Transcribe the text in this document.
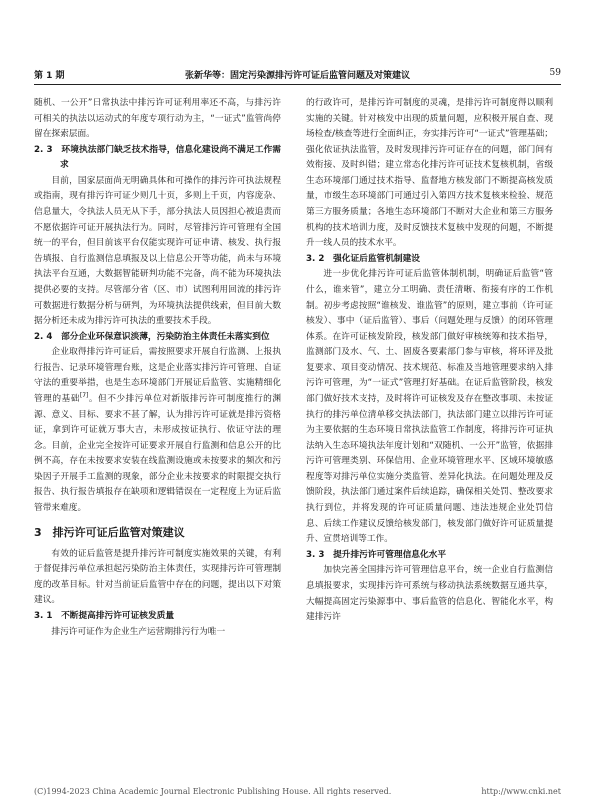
第 1 期	张新华等：固定污染源排污许可证后监管问题及对策建议	59

随机、一公开”日常执法中排污许可证利用率还不高，与排污许可相关的执法以运动式的年度专项行动为主，“一证式”监管尚停留在探索层面。

2. 3　环境执法部门缺乏技术指导，信息化建设尚不满足工作需求

目前，国家层面尚无明确具体和可操作的排污许可执法规程或指南，现有排污许可证少则几十页，多则上千页，内容庞杂、信息量大，令执法人员无从下手，部分执法人员因担心被追责而不愿依据许可证开展执法行为。同时，尽管排污许可管理有全国统一的平台，但目前该平台仅能实现许可证申请、核发、执行报告填报、自行监测信息填报及以上信息公开等功能，尚未与环境执法平台互通，大数据智能研判功能不完备，尚不能为环境执法提供必要的支持。尽管部分省（区、市）试图利用回流的排污许可数据进行数据分析与研判，为环境执法提供线索，但目前大数据分析还未成为排污许可执法的重要技术手段。

2. 4　部分企业环保意识淡薄，污染防治主体责任未落实到位

企业取得排污许可证后，需按照要求开展自行监测、上报执行报告、记录环境管理台账，这是企业落实排污许可管理、自证守法的重要举措，也是生态环境部门开展证后监管、实施精细化管理的基础[7]。但不少排污单位对新版排污许可制度推行的渊源、意义、目标、要求不甚了解，认为排污许可证就是排污资格证，拿到许可证就万事大吉，未形成按证执行、依证守法的理念。目前，企业完全按许可证要求开展自行监测和信息公开的比例不高，存在未按要求安装在线监测设施或未按要求的频次和污染因子开展手工监测的现象，部分企业未按要求的时限提交执行报告、执行报告填报存在缺项和逻辑错误在一定程度上为证后监管带来难度。

3　排污许可证后监管对策建议

有效的证后监管是提升排污许可制度实施效果的关键，有利于督促排污单位承担起污染防治主体责任，实现排污许可管理制度的改革目标。针对当前证后监管中存在的问题，提出以下对策建议。

3. 1　不断提高排污许可证核发质量

排污许可证作为企业生产运营期排污行为唯一

的行政许可，是排污许可制度的灵魂，是排污许可制度得以顺利实施的关键。针对核发中出现的质量问题，应积极开展自查、现场检查/核查等进行全面纠正，夯实排污许可“一证式”管理基础；强化依证执法监管，及时发现排污许可证存在的问题，部门间有效衔接、及时纠错；建立常态化排污许可证技术复核机制，省级生态环境部门通过技术指导、监督地方核发部门不断提高核发质量，市级生态环境部门可通过引入第四方技术复核来检验、规范第三方服务质量；各地生态环境部门不断对大企业和第三方服务机构的技术培训力度，及时反馈技术复核中发现的问题，不断提升一线人员的技术水平。

3. 2　强化证后监管机制建设

进一步优化排污许可证后监管体制机制，明确证后监管“管什么，谁来管”，建立分工明确、责任清晰、衔接有序的工作机制。初步考虑按照“谁核发、谁监管”的原则，建立事前（许可证核发）、事中（证后监管）、事后（问题处理与反馈）的闭环管理体系。在许可证核发阶段，核发部门做好审核统筹和技术指导，监测部门及水、气、土、固废各要素部门参与审核，将环评及批复要求、项目变动情况、技术规范、标准及当地管理要求纳入排污许可管理，为“一证式”管理打好基础。在证后监管阶段，核发部门做好技术支持，及时将许可证核发及存在整改事项、未按证执行的排污单位清单移交执法部门，执法部门建立以排污许可证为主要依据的生态环境日常执法监管工作制度，将排污许可证执法纳入生态环境执法年度计划和“双随机、一公开”监管，依据排污许可管理类别、环保信用、企业环境管理水平、区域环境敏感程度等对排污单位实施分类监管、差异化执法。在问题处理及反馈阶段，执法部门通过案件后续追踪，确保相关处罚、整改要求执行到位，并将发现的许可证质量问题、违法违规企业处罚信息、后续工作建议反馈给核发部门，核发部门做好许可证质量提升、宣贯培训等工作。

3. 3　提升排污许可管理信息化水平

加快完善全国排污许可管理信息平台，统一企业自行监测信息填报要求，实现排污许可系统与移动执法系统数据互通共享，大幅提高固定污染源事中、事后监管的信息化、智能化水平，构建排污许

(C)1994-2023 China Academic Journal Electronic Publishing House. All rights reserved.	http://www.cnki.net
